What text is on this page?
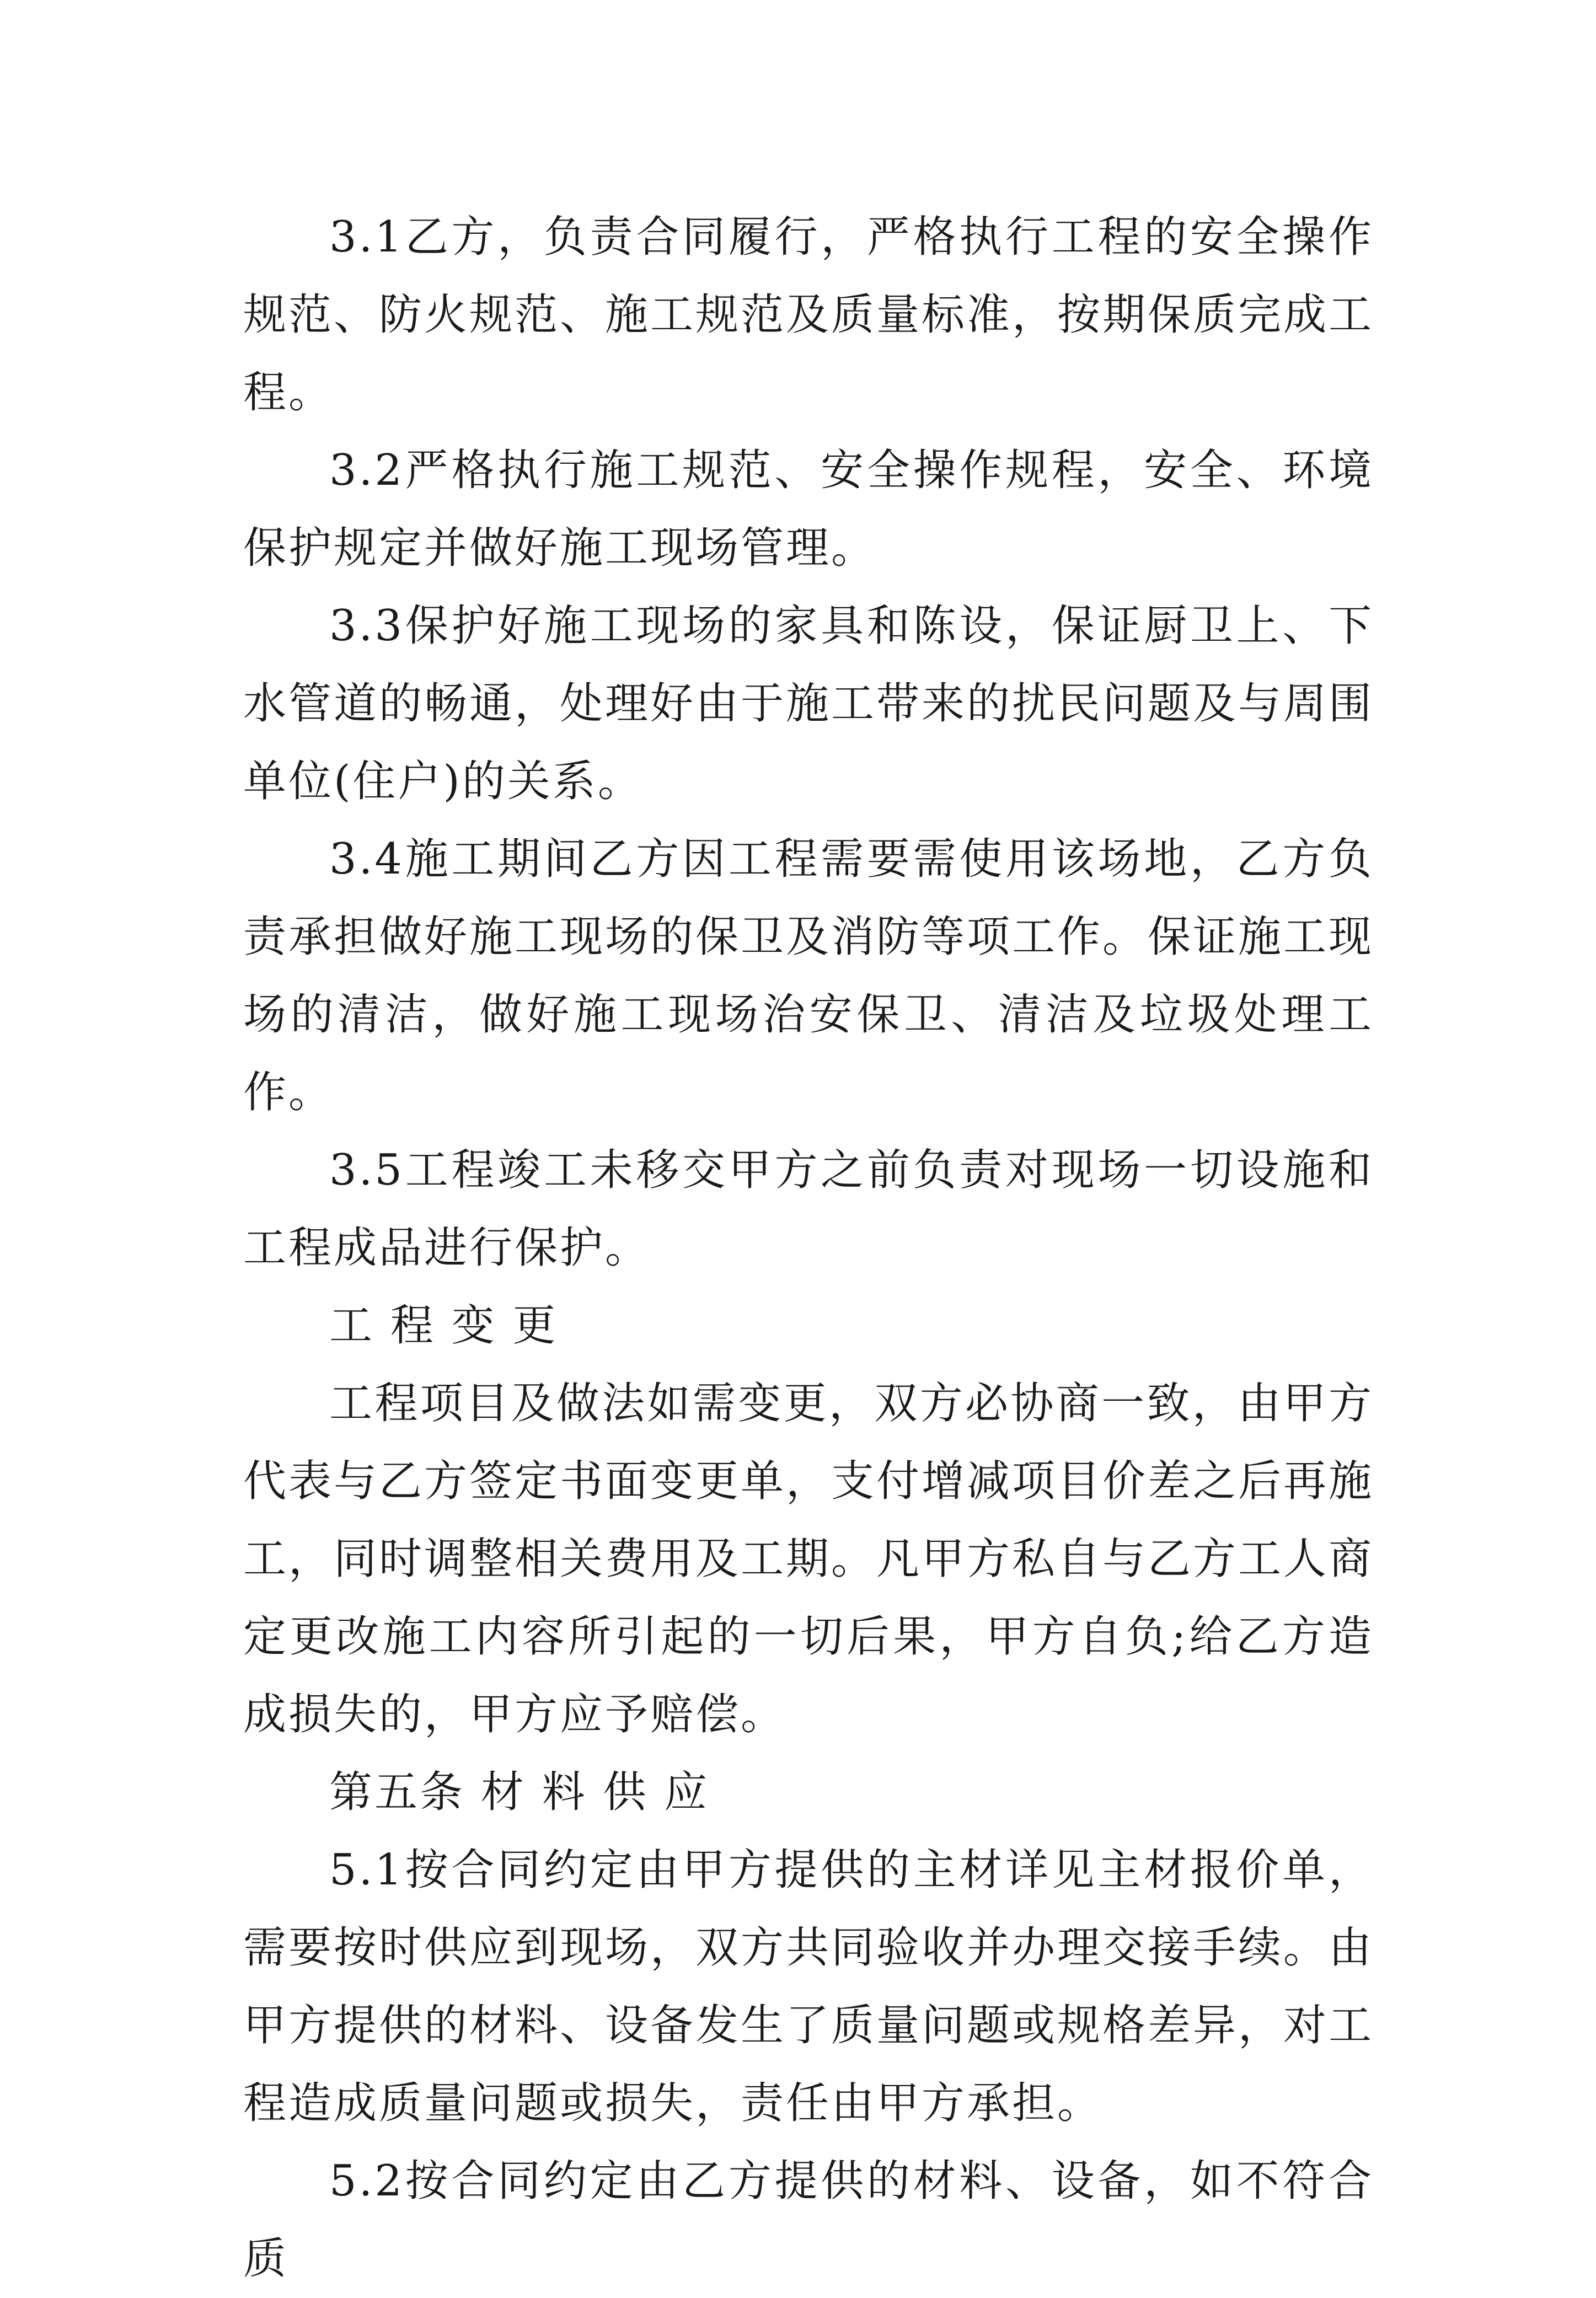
3.1乙方，负责合同履行，严格执行工程的安全操作规范、防火规范、施工规范及质量标准，按期保质完成工程。

3.2严格执行施工规范、安全操作规程，安全、环境保护规定并做好施工现场管理。

3.3保护好施工现场的家具和陈设，保证厨卫上、下水管道的畅通，处理好由于施工带来的扰民问题及与周围单位(住户)的关系。

3.4施工期间乙方因工程需要需使用该场地，乙方负责承担做好施工现场的保卫及消防等项工作。保证施工现场的清洁，做好施工现场治安保卫、清洁及垃圾处理工作。

3.5工程竣工未移交甲方之前负责对现场一切设施和工程成品进行保护。

工 程 变 更

工程项目及做法如需变更，双方必协商一致，由甲方代表与乙方签定书面变更单，支付增减项目价差之后再施工，同时调整相关费用及工期。凡甲方私自与乙方工人商定更改施工内容所引起的一切后果，甲方自负;给乙方造成损失的，甲方应予赔偿。

第五条 材 料 供 应

5.1按合同约定由甲方提供的主材详见主材报价单，需要按时供应到现场，双方共同验收并办理交接手续。由甲方提供的材料、设备发生了质量问题或规格差异，对工程造成质量问题或损失，责任由甲方承担。

5.2按合同约定由乙方提供的材料、设备，如不符合质
